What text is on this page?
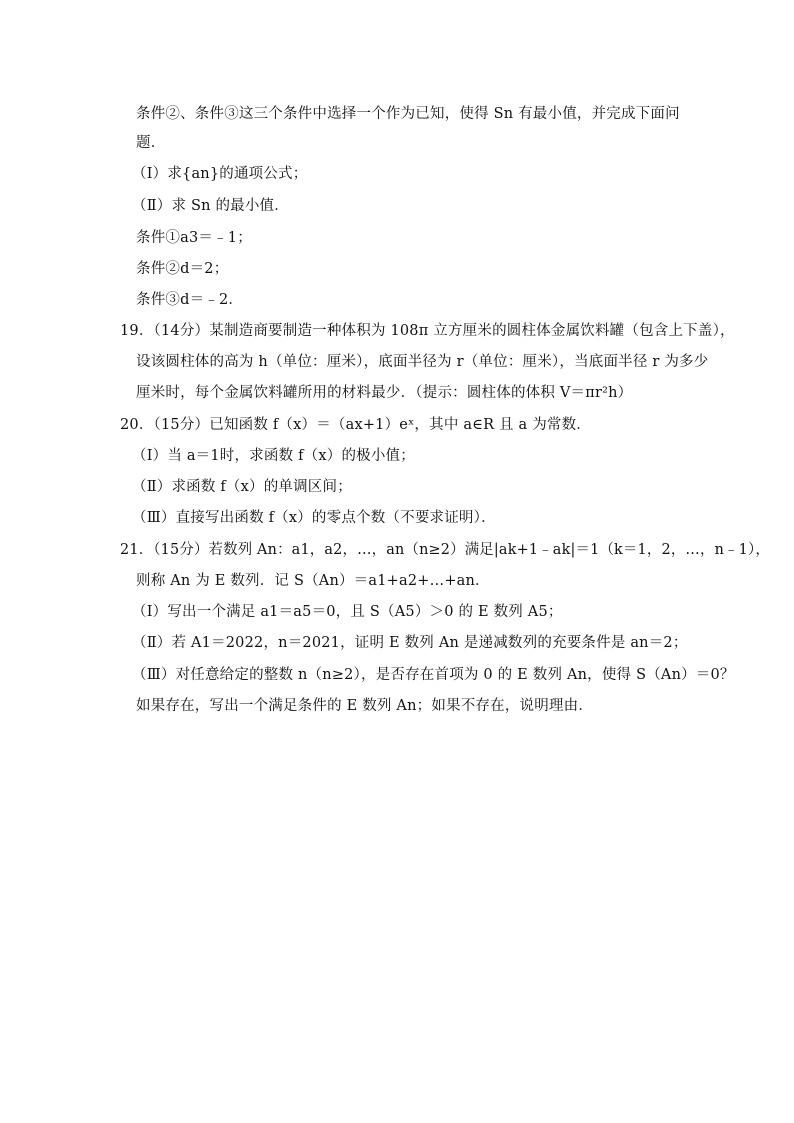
条件②、条件③这三个条件中选择一个作为已知，使得 Sn 有最小值，并完成下面问
题．
（Ⅰ）求{an}的通项公式；
（Ⅱ）求 Sn 的最小值．
条件①a3＝﹣1；
条件②d＝2；
条件③d＝﹣2．
19．（14分）某制造商要制造一种体积为 108π 立方厘米的圆柱体金属饮料罐（包含上下盖），
设该圆柱体的高为 h（单位：厘米），底面半径为 r（单位：厘米），当底面半径 r 为多少
厘米时，每个金属饮料罐所用的材料最少．（提示：圆柱体的体积 V＝πr²h）
20．（15分）已知函数 f（x）＝（ax+1）eˣ，其中 a∈R 且 a 为常数．
（Ⅰ）当 a＝1时，求函数 f（x）的极小值；
（Ⅱ）求函数 f（x）的单调区间；
（Ⅲ）直接写出函数 f（x）的零点个数（不要求证明）．
21．（15分）若数列 An：a1，a2，…，an（n≥2）满足|ak+1﹣ak|＝1（k＝1，2，…，n﹣1），
则称 An 为 E 数列．记 S（An）＝a1+a2+…+an．
（Ⅰ）写出一个满足 a1＝a5＝0，且 S（A5）＞0 的 E 数列 A5；
（Ⅱ）若 A1＝2022，n＝2021，证明 E 数列 An 是递减数列的充要条件是 an＝2；
（Ⅲ）对任意给定的整数 n（n≥2），是否存在首项为 0 的 E 数列 An，使得 S（An）＝0？
如果存在，写出一个满足条件的 E 数列 An；如果不存在，说明理由．
